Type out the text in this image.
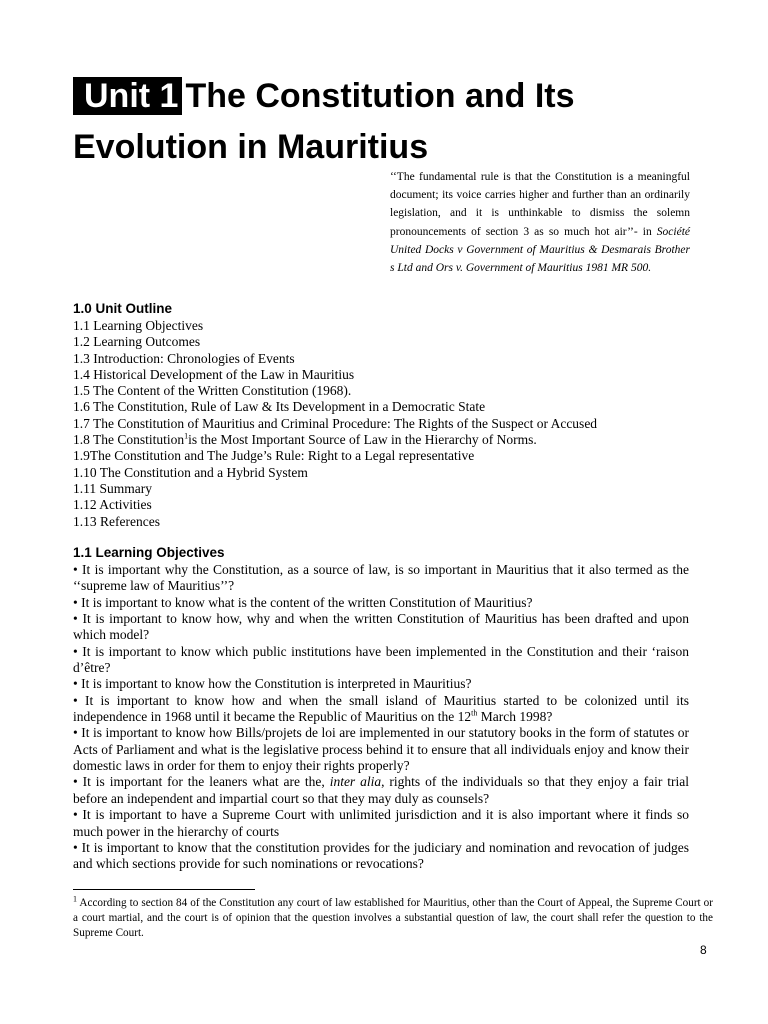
Unit 1 The Constitution and Its Evolution in Mauritius
‘‘The fundamental rule is that the Constitution is a meaningful document; its voice carries higher and further than an ordinarily legislation, and it is unthinkable to dismiss the solemn pronouncements of section 3 as so much hot air’’- in Société United Docks v Government of Mauritius & Desmarais Brother s Ltd and Ors v. Government of Mauritius 1981 MR 500.
1.0 Unit Outline
1.1 Learning Objectives
1.2 Learning Outcomes
1.3 Introduction: Chronologies of Events
1.4 Historical Development of the Law in Mauritius
1.5 The Content of the Written Constitution (1968).
1.6 The Constitution, Rule of Law & Its Development in a Democratic State
1.7 The Constitution of Mauritius and Criminal Procedure: The Rights of the Suspect or Accused
1.8 The Constitution$^1$is the Most Important Source of Law in the Hierarchy of Norms.
1.9The Constitution and The Judge’s Rule: Right to a Legal representative
1.10 The Constitution and a Hybrid System
1.11 Summary
1.12 Activities
1.13 References
1.1 Learning Objectives
• It is important why the Constitution, as a source of law, is so important in Mauritius that it also termed as the ‘‘supreme law of Mauritius’’?
• It is important to know what is the content of the written Constitution of Mauritius?
• It is important to know how, why and when the written Constitution of Mauritius has been drafted and upon which model?
• It is important to know which public institutions have been implemented in the Constitution and their ‘raison d’être?
• It is important to know how the Constitution is interpreted in Mauritius?
• It is important to know how and when the small island of Mauritius started to be colonized until its independence in 1968 until it became the Republic of Mauritius on the 12th March 1998?
• It is important to know how Bills/projets de loi are implemented in our statutory books in the form of statutes or Acts of Parliament and what is the legislative process behind it to ensure that all individuals enjoy and know their domestic laws in order for them to enjoy their rights properly?
• It is important for the leaners what are the, inter alia, rights of the individuals so that they enjoy a fair trial before an independent and impartial court so that they may duly as counsels?
• It is important to have a Supreme Court with unlimited jurisdiction and it is also important where it finds so much power in the hierarchy of courts
• It is important to know that the constitution provides for the judiciary and nomination and revocation of judges and which sections provide for such nominations or revocations?

$^1$ According to section 84 of the Constitution any court of law established for Mauritius, other than the Court of Appeal, the Supreme Court or a court martial, and the court is of opinion that the question involves a substantial question of law, the court shall refer the question to the Supreme Court.

8
